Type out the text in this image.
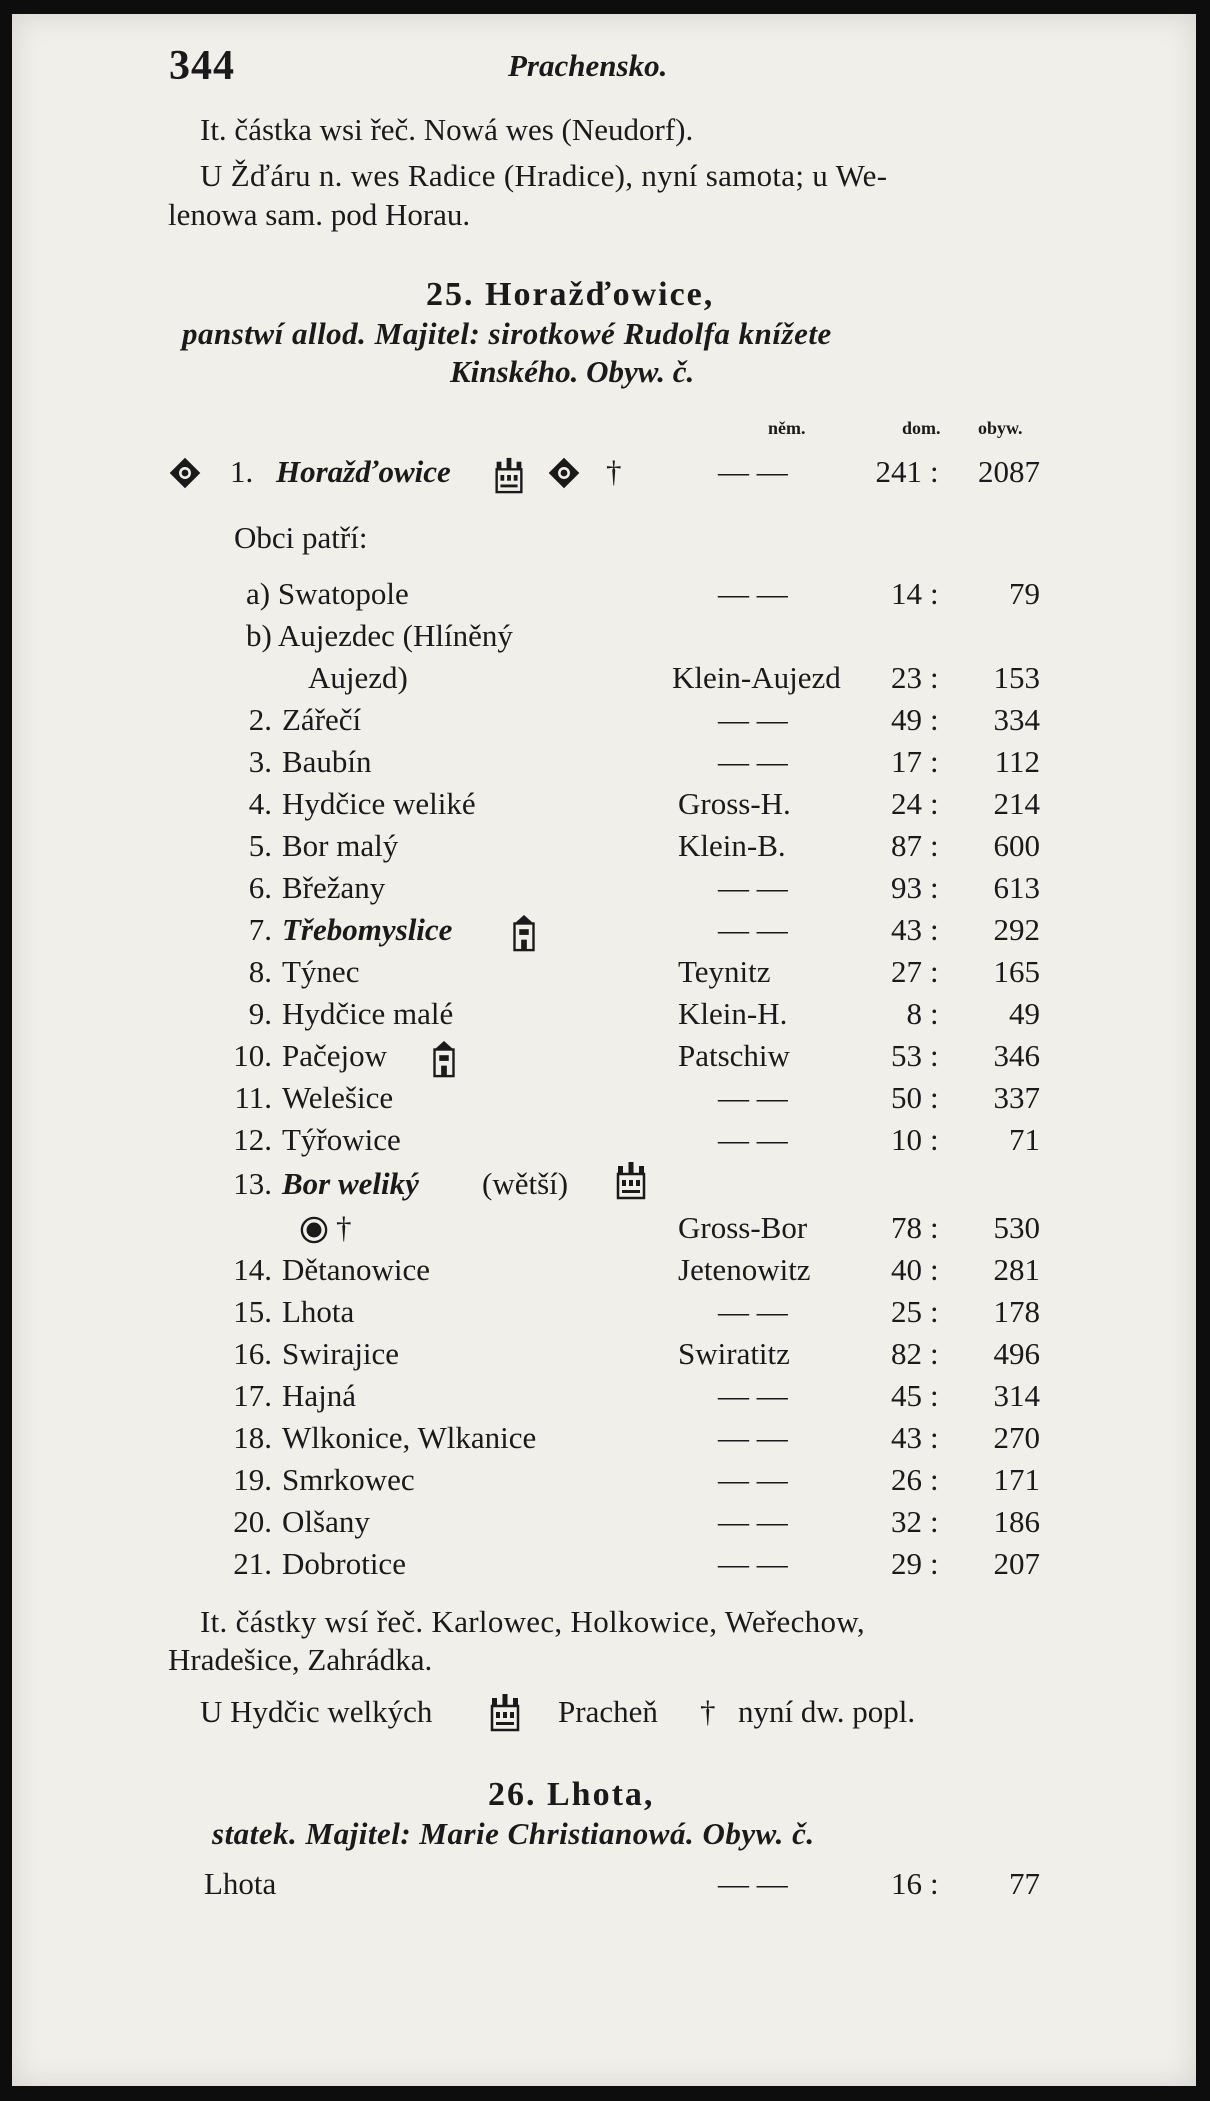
344	Prachensko.
It. částka wsi řeč. Nowá wes (Neudorf).
U Žďáru n. wes Radice (Hradice), nyní samota; u We-
lenowa sam. pod Horau.
25. Horažďowice,
panstwí allod. Majitel: sirotkowé Rudolfa knížete
Kinského. Obyw. č.
něm.	dom. obyw.
1. Horažďowice	†	— —	241 :	2087
Obci patří:
a) Swatopole	— —	14 :	79
b) Aujezdec (Hlíněný
Aujezd)	Klein-Aujezd	23 :	153
2. Zářečí	— —	49 :	334
3. Baubín	— —	17 :	112
4. Hydčice weliké	Gross-H.	24 :	214
5. Bor malý	Klein-B.	87 :	600
6. Břežany	— —	93 :	613
7. Třebomyslice	— —	43 :	292
8. Týnec	Teynitz	27 :	165
9. Hydčice malé	Klein-H.	8 :	49
10. Pačejow	Patschiw	53 :	346
11. Welešice	— —	50 :	337
12. Týřowice	— —	10 :	71
13. Bor weliký (wětší)
†	Gross-Bor	78 :	530
14. Dětanowice	Jetenowitz	40 :	281
15. Lhota	— —	25 :	178
16. Swirajice	Swiratitz	82 :	496
17. Hajná	— —	45 :	314
18. Wlkonice, Wlkanice	— —	43 :	270
19. Smrkowec	— —	26 :	171
20. Olšany	— —	32 :	186
21. Dobrotice	— —	29 :	207
It. částky wsí řeč. Karlowec, Holkowice, Weřechow,
Hradešice, Zahrádka.
U Hydčic welkých	Pracheň † nyní dw. popl.
26. Lhota,
statek. Majitel: Marie Christianowá. Obyw. č.
Lhota	— —	16 :	77
